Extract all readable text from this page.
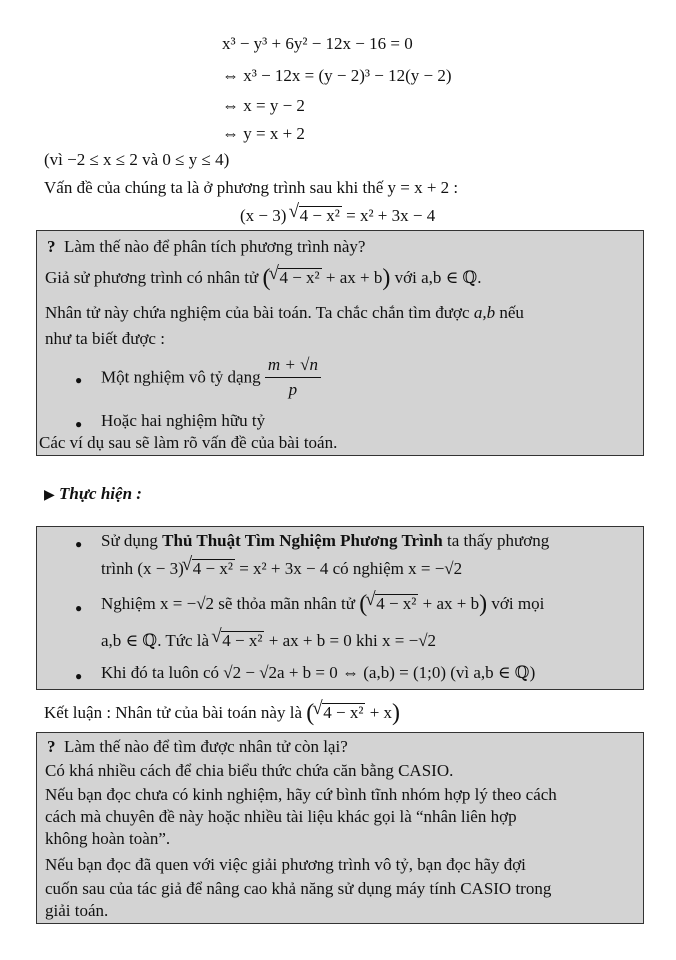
x³ − y³ + 6y² − 12x − 16 = 0
⇔ x³ − 12x = (y − 2)³ − 12(y − 2)
⇔ x = y − 2
⇔ y = x + 2
(vì −2 ≤ x ≤ 2 và 0 ≤ y ≤ 4)
Vấn đề của chúng ta là ở phương trình sau khi thế y = x + 2 :
(x − 3) √ 4 − x² = x² + 3x − 4
? Làm thế nào để phân tích phương trình này?
Giả sử phương trình có nhân tử ( √ 4 − x² + ax + b) với a,b ∈ ℚ.
Nhân tử này chứa nghiệm của bài toán. Ta chắc chắn tìm được a,b nếu
như ta biết được :
● Một nghiệm vô tỷ dạng $\frac{m + √n}{p}$
● Hoặc hai nghiệm hữu tỷ
Các ví dụ sau sẽ làm rõ vấn đề của bài toán.
▶ Thực hiện :
● Sử dụng Thủ Thuật Tìm Nghiệm Phương Trình ta thấy phương
trình (x − 3) √ 4 − x² = x² + 3x − 4 có nghiệm x = −√2
● Nghiệm x = −√2 sẽ thỏa mãn nhân tử ( √ 4 − x² + ax + b) với mọi
a,b ∈ ℚ. Tức là √ 4 − x² + ax + b = 0 khi x = −√2
● Khi đó ta luôn có √2 − √2a + b = 0 ⇔ (a,b) = (1;0) (vì a,b ∈ ℚ)
Kết luận : Nhân tử của bài toán này là ( √ 4 − x² + x)
? Làm thế nào để tìm được nhân tử còn lại?
Có khá nhiều cách để chia biểu thức chứa căn bằng CASIO.
Nếu bạn đọc chưa có kinh nghiệm, hãy cứ bình tĩnh nhóm hợp lý theo cách
cách mà chuyên đề này hoặc nhiều tài liệu khác gọi là “nhân liên hợp
không hoàn toàn”.
Nếu bạn đọc đã quen với việc giải phương trình vô tỷ, bạn đọc hãy đợi
cuốn sau của tác giả để nâng cao khả năng sử dụng máy tính CASIO trong
giải toán.
